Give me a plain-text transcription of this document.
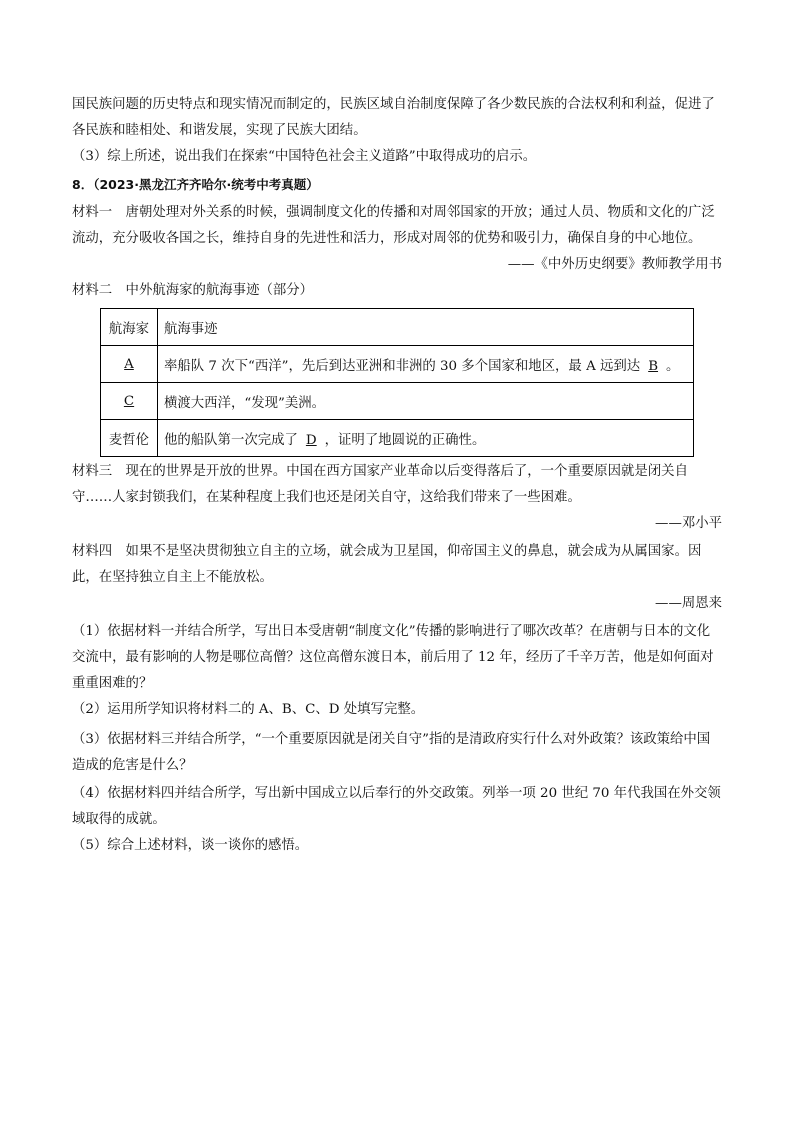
国民族问题的历史特点和现实情况而制定的，民族区域自治制度保障了各少数民族的合法权利和利益，促进了各民族和睦相处、和谐发展，实现了民族大团结。

（3）综上所述，说出我们在探索“中国特色社会主义道路”中取得成功的启示。

8．（2023·黑龙江齐齐哈尔·统考中考真题）

材料一　唐朝处理对外关系的时候，强调制度文化的传播和对周邻国家的开放；通过人员、物质和文化的广泛流动，充分吸收各国之长，维持自身的先进性和活力，形成对周邻的优势和吸引力，确保自身的中心地位。

——《中外历史纲要》教师教学用书

材料二　中外航海家的航海事迹（部分）

航海家	航海事迹
A	率船队 7 次下“西洋”，先后到达亚洲和非洲的 30 多个国家和地区，最 A 远到达 B 。
C	横渡大西洋，“发现”美洲。
麦哲伦	他的船队第一次完成了 D ，证明了地圆说的正确性。

材料三　现在的世界是开放的世界。中国在西方国家产业革命以后变得落后了，一个重要原因就是闭关自守……人家封锁我们，在某种程度上我们也还是闭关自守，这给我们带来了一些困难。

——邓小平

材料四　如果不是坚决贯彻独立自主的立场，就会成为卫星国，仰帝国主义的鼻息，就会成为从属国家。因此，在坚持独立自主上不能放松。

——周恩来

（1）依据材料一并结合所学，写出日本受唐朝“制度文化”传播的影响进行了哪次改革？在唐朝与日本的文化交流中，最有影响的人物是哪位高僧？这位高僧东渡日本，前后用了 12 年，经历了千辛万苦，他是如何面对重重困难的？

（2）运用所学知识将材料二的 A、B、C、D 处填写完整。

（3）依据材料三并结合所学，“一个重要原因就是闭关自守”指的是清政府实行什么对外政策？该政策给中国造成的危害是什么？

（4）依据材料四并结合所学，写出新中国成立以后奉行的外交政策。列举一项 20 世纪 70 年代我国在外交领域取得的成就。

（5）综合上述材料，谈一谈你的感悟。
